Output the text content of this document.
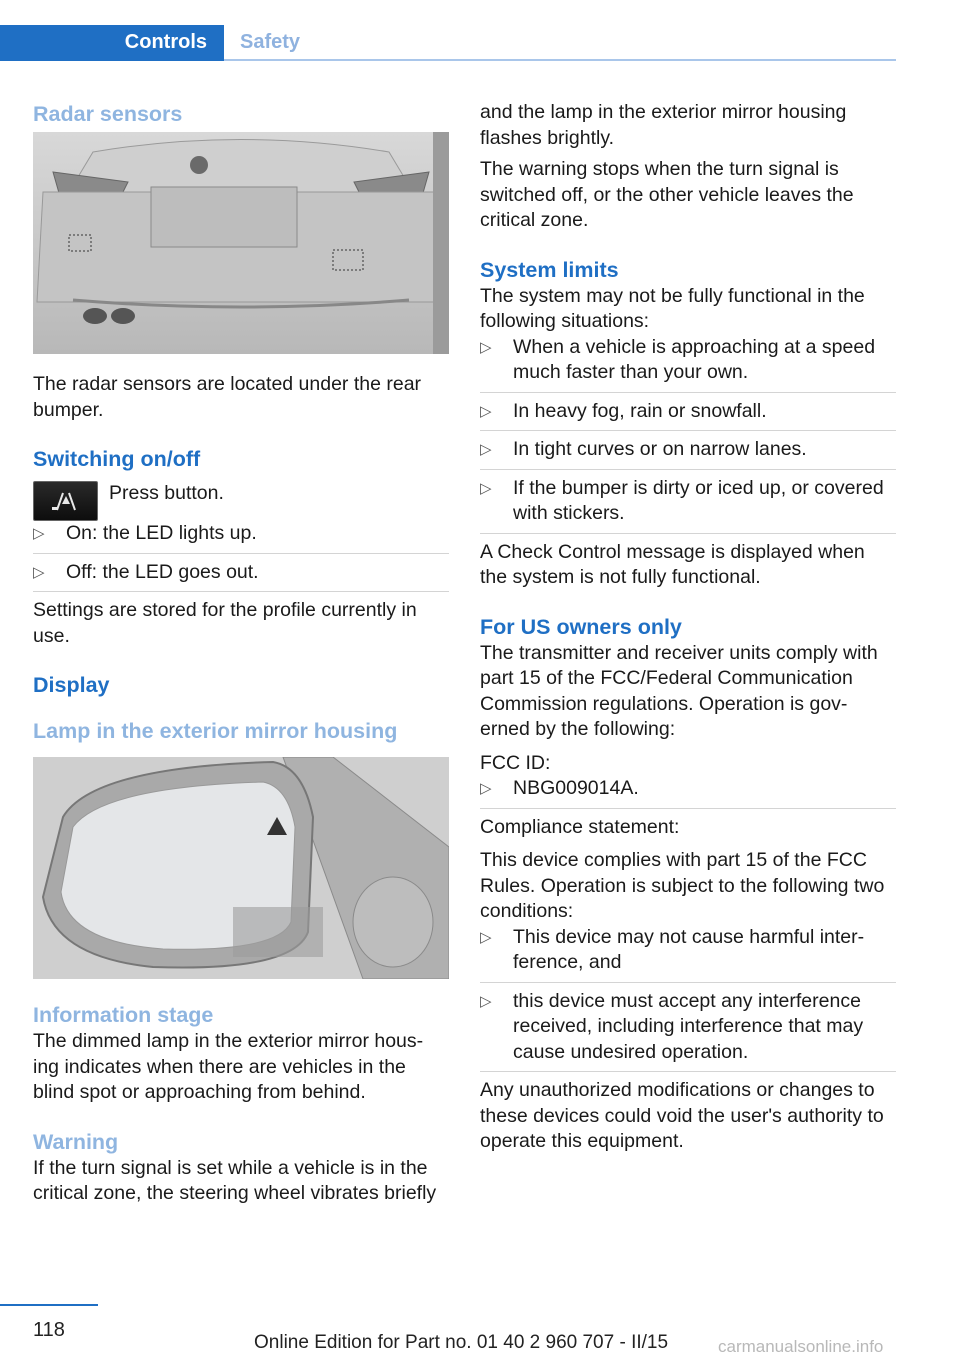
Controls	Safety
Radar sensors

The radar sensors are located under the rear bumper.

Switching on/off

Press button.

▷ On: the LED lights up.
▷ Off: the LED goes out.

Settings are stored for the profile currently in use.

Display
Lamp in the exterior mirror housing
Information stage

The dimmed lamp in the exterior mirror hous‐ ing indicates when there are vehicles in the blind spot or approaching from behind.

Warning

If the turn signal is set while a vehicle is in the critical zone, the steering wheel vibrates briefly

and the lamp in the exterior mirror housing flashes brightly.

The warning stops when the turn signal is switched off, or the other vehicle leaves the critical zone.

System limits

The system may not be fully functional in the following situations:

▷ When a vehicle is approaching at a speed much faster than your own.
▷ In heavy fog, rain or snowfall.
▷ In tight curves or on narrow lanes.
▷ If the bumper is dirty or iced up, or covered with stickers.

A Check Control message is displayed when the system is not fully functional.

For US owners only

The transmitter and receiver units comply with part 15 of the FCC/Federal Communication Commission regulations. Operation is gov‐ erned by the following:

FCC ID:

▷ NBG009014A.

Compliance statement:

This device complies with part 15 of the FCC Rules. Operation is subject to the following two conditions:

▷ This device may not cause harmful inter‐ ference, and
▷ this device must accept any interference received, including interference that may cause undesired operation.

Any unauthorized modifications or changes to these devices could void the user's authority to operate this equipment.

118
Online Edition for Part no. 01 40 2 960 707 - II/15	carmanualsonline.info
